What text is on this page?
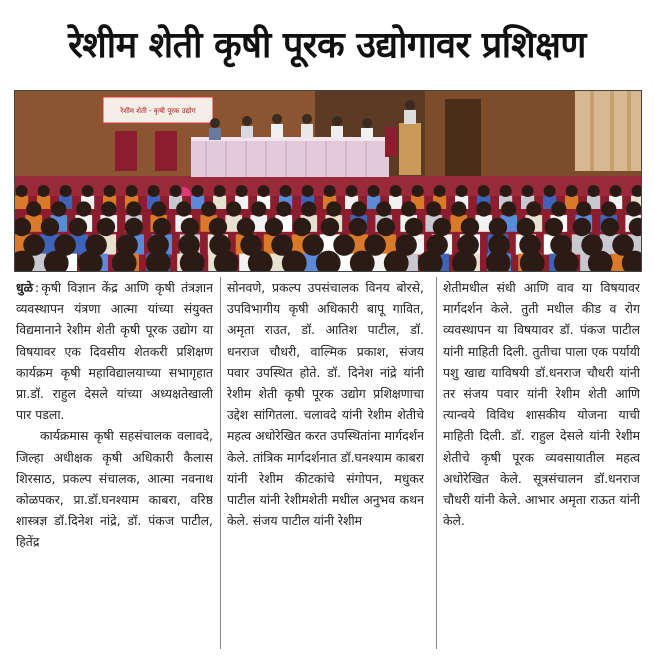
रेशीम शेती कृषी पूरक उद्योगावर प्रशिक्षण
रेशीम शेती - कृषी पूरक उद्योग

धुळे : कृषी विज्ञान केंद्र आणि कृषी तंत्रज्ञान व्यवस्थापन यंत्रणा आत्मा यांच्या संयुक्त विद्यमानाने रेशीम शेती कृषी पूरक उद्योग या विषयावर एक दिवसीय शेतकरी प्रशिक्षण कार्यक्रम कृषी महाविद्यालयाच्या सभागृहात प्रा.डॉ. राहुल देसले यांच्या अध्यक्षतेखाली पार पडला.

कार्यक्रमास कृषी सहसंचालक वलावदे, जिल्हा अधीक्षक कृषी अधिकारी कैलास शिरसाठ, प्रकल्प संचालक, आत्मा नवनाथ कोळपकर, प्रा.डॉ.घनश्याम काबरा, वरिष्ठ शास्त्रज्ञ डॉ.दिनेश नांद्रे, डॉ. पंकज पाटील, हितेंद्र

सोनवणे, प्रकल्प उपसंचालक विनय बोरसे, उपविभागीय कृषी अधिकारी बापू गावित, अमृता राउत, डॉ. आतिश पाटील, डॉ. धनराज चौधरी, वाल्मिक प्रकाश, संजय पवार उपस्थित होते. डॉ. दिनेश नांद्रे यांनी रेशीम शेती कृषी पूरक उद्योग प्रशिक्षणाचा उद्देश सांगितला. चलावदे यांनी रेशीम शेतीचे महत्व अधोरेखित करत उपस्थितांना मार्गदर्शन केले. तांत्रिक मार्गदर्शनात डॉ.घनश्याम काबरा यांनी रेशीम कीटकांचे संगोपन, मधुकर पाटील यांनी रेशीमशेती मधील अनुभव कथन केले. संजय पाटील यांनी रेशीम

शेतीमधील संधी आणि वाव या विषयावर मार्गदर्शन केले. तुती मधील कीड व रोग व्यवस्थापन या विषयावर डॉ. पंकज पाटील यांनी माहिती दिली. तुतीचा पाला एक पर्यायी पशु खाद्य याविषयी डॉ.धनराज चौधरी यांनी तर संजय पवार यांनी रेशीम शेती आणि त्यान्वये विविध शासकीय योजना याची माहिती दिली. डॉ. राहुल देसले यांनी रेशीम शेतीचे कृषी पूरक व्यवसायातील महत्व अधोरेखित केले. सूत्रसंचालन डॉ.धनराज चौधरी यांनी केले. आभार अमृता राऊत यांनी केले.
